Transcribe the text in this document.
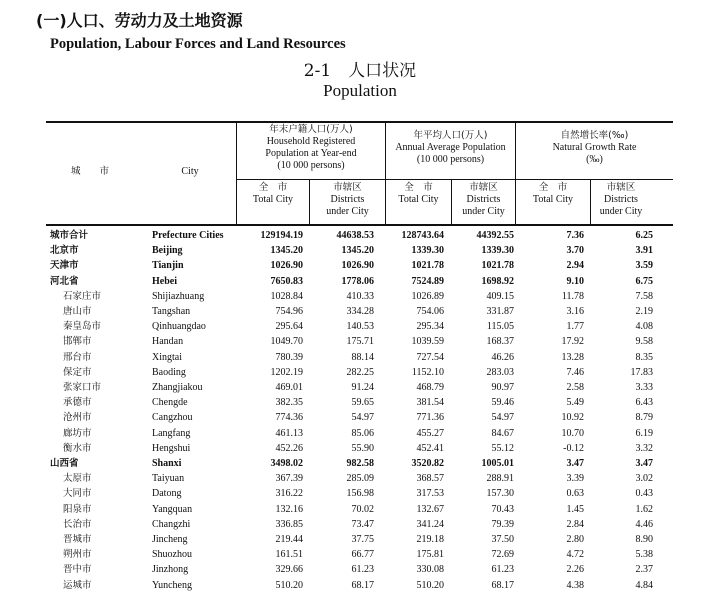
(一)人口、劳动力及土地资源
Population, Labour Forces and Land Resources
2-1　人口状况
Population
城　　市	City
年末户籍人口(万人)
Household Registered
Population at Year-end
(10 000 persons)
年平均人口(万人)
Annual Average Population
(10 000 persons)
自然增长率(‰)
Natural Growth Rate
(‰)
全　市
Total City
市辖区
Districts
under City
全　市
Total City
市辖区
Districts
under City
全　市
Total City
市辖区
Districts
under City
城市合计	Prefecture Cities	129194.19	44638.53	128743.64	44392.55	7.36	6.25
北京市	Beijing	1345.20	1345.20	1339.30	1339.30	3.70	3.91
天津市	Tianjin	1026.90	1026.90	1021.78	1021.78	2.94	3.59
河北省	Hebei	7650.83	1778.06	7524.89	1698.92	9.10	6.75
石家庄市	Shijiazhuang	1028.84	410.33	1026.89	409.15	11.78	7.58
唐山市	Tangshan	754.96	334.28	754.06	331.87	3.16	2.19
秦皇岛市	Qinhuangdao	295.64	140.53	295.34	115.05	1.77	4.08
邯郸市	Handan	1049.70	175.71	1039.59	168.37	17.92	9.58
邢台市	Xingtai	780.39	88.14	727.54	46.26	13.28	8.35
保定市	Baoding	1202.19	282.25	1152.10	283.03	7.46	17.83
张家口市	Zhangjiakou	469.01	91.24	468.79	90.97	2.58	3.33
承德市	Chengde	382.35	59.65	381.54	59.46	5.49	6.43
沧州市	Cangzhou	774.36	54.97	771.36	54.97	10.92	8.79
廊坊市	Langfang	461.13	85.06	455.27	84.67	10.70	6.19
衡水市	Hengshui	452.26	55.90	452.41	55.12	-0.12	3.32
山西省	Shanxi	3498.02	982.58	3520.82	1005.01	3.47	3.47
太原市	Taiyuan	367.39	285.09	368.57	288.91	3.39	3.02
大同市	Datong	316.22	156.98	317.53	157.30	0.63	0.43
阳泉市	Yangquan	132.16	70.02	132.67	70.43	1.45	1.62
长治市	Changzhi	336.85	73.47	341.24	79.39	2.84	4.46
晋城市	Jincheng	219.44	37.75	219.18	37.50	2.80	8.90
朔州市	Shuozhou	161.51	66.77	175.81	72.69	4.72	5.38
晋中市	Jinzhong	329.66	61.23	330.08	61.23	2.26	2.37
运城市	Yuncheng	510.20	68.17	510.20	68.17	4.38	4.84
